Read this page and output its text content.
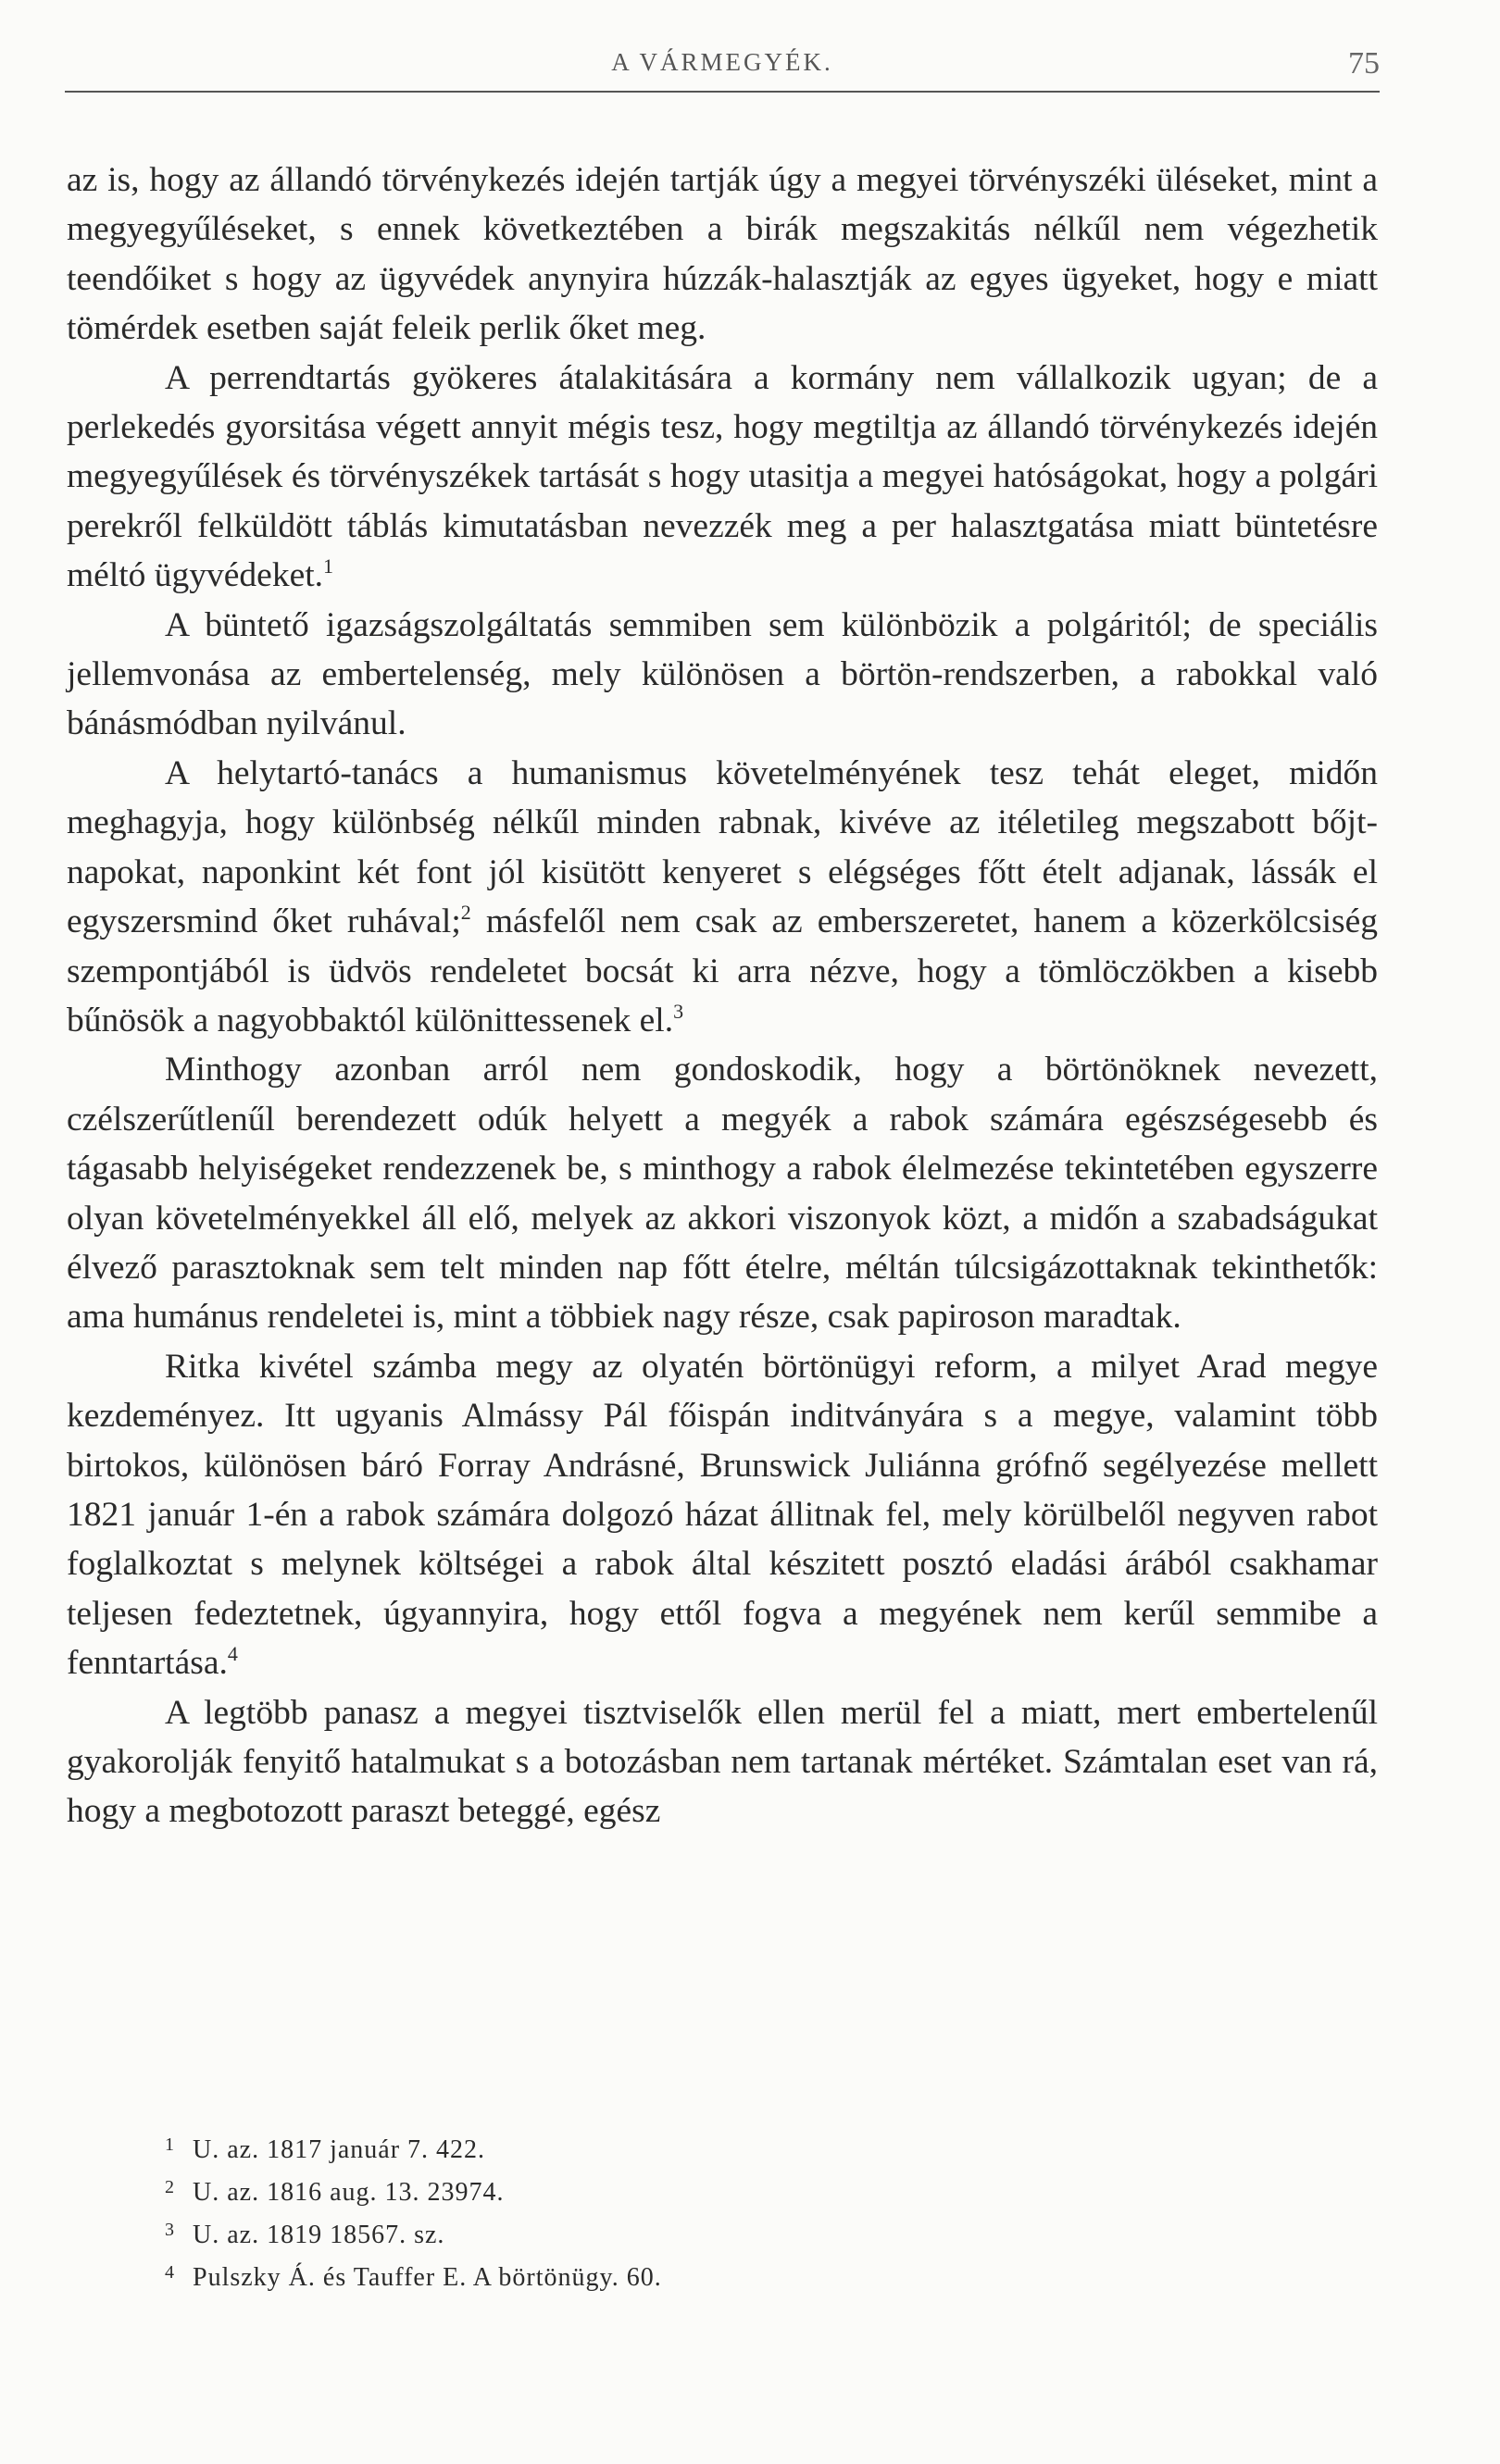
A VÁRMEGYÉK.	75

az is, hogy az állandó törvénykezés idején tartják úgy a megyei törvényszéki üléseket, mint a megyegyűléseket, s ennek következtében a birák megszakitás nélkűl nem végezhetik teendőiket s hogy az ügyvédek anynyira húzzák-halasztják az egyes ügyeket, hogy e miatt tömérdek esetben saját feleik perlik őket meg.

A perrendtartás gyökeres átalakitására a kormány nem vállalkozik ugyan; de a perlekedés gyorsitása végett annyit mégis tesz, hogy megtiltja az állandó törvénykezés idején megyegyűlések és törvényszékek tartását s hogy utasitja a megyei hatóságokat, hogy a polgári perekről felküldött táblás kimutatásban nevezzék meg a per halasztgatása miatt büntetésre méltó ügyvédeket.$^1$

A büntető igazságszolgáltatás semmiben sem különbözik a polgáritól; de speciális jellemvonása az embertelenség, mely különösen a börtön-rendszerben, a rabokkal való bánásmódban nyilvánul.

A helytartó-tanács a humanismus követelményének tesz tehát eleget, midőn meghagyja, hogy különbség nélkűl minden rabnak, kivéve az itéletileg megszabott bőjt-napokat, naponkint két font jól kisütött kenyeret s elégséges főtt ételt adjanak, lássák el egyszersmind őket ruhával;$^2$ másfelől nem csak az emberszeretet, hanem a közerkölcsiség szempontjából is üdvös rendeletet bocsát ki arra nézve, hogy a tömlöczökben a kisebb bűnösök a nagyobbaktól különittessenek el.$^3$

Minthogy azonban arról nem gondoskodik, hogy a börtönöknek nevezett, czélszerűtlenűl berendezett odúk helyett a megyék a rabok számára egészségesebb és tágasabb helyiségeket rendezzenek be, s minthogy a rabok élelmezése tekintetében egyszerre olyan követelményekkel áll elő, melyek az akkori viszonyok közt, a midőn a szabadságukat élvező parasztoknak sem telt minden nap főtt ételre, méltán túlcsigázottaknak tekinthetők: ama humánus rendeletei is, mint a többiek nagy része, csak papiroson maradtak.

Ritka kivétel számba megy az olyatén börtönügyi reform, a milyet Arad megye kezdeményez. Itt ugyanis Almássy Pál főispán inditványára s a megye, valamint több birtokos, különösen báró Forray Andrásné, Brunswick Juliánna grófnő segélyezése mellett 1821 január 1-én a rabok számára dolgozó házat állitnak fel, mely körülbelől negyven rabot foglalkoztat s melynek költségei a rabok által készitett posztó eladási árából csakhamar teljesen fedeztetnek, úgyannyira, hogy ettől fogva a megyének nem kerűl semmibe a fenntartása.$^4$

A legtöbb panasz a megyei tisztviselők ellen merül fel a miatt, mert embertelenűl gyakorolják fenyitő hatalmukat s a botozásban nem tartanak mértéket. Számtalan eset van rá, hogy a megbotozott paraszt beteggé, egész

1 U. az. 1817 január 7. 422.
2 U. az. 1816 aug. 13. 23974.
3 U. az. 1819 18567. sz.
4 Pulszky Á. és Tauffer E. A börtönügy. 60.
